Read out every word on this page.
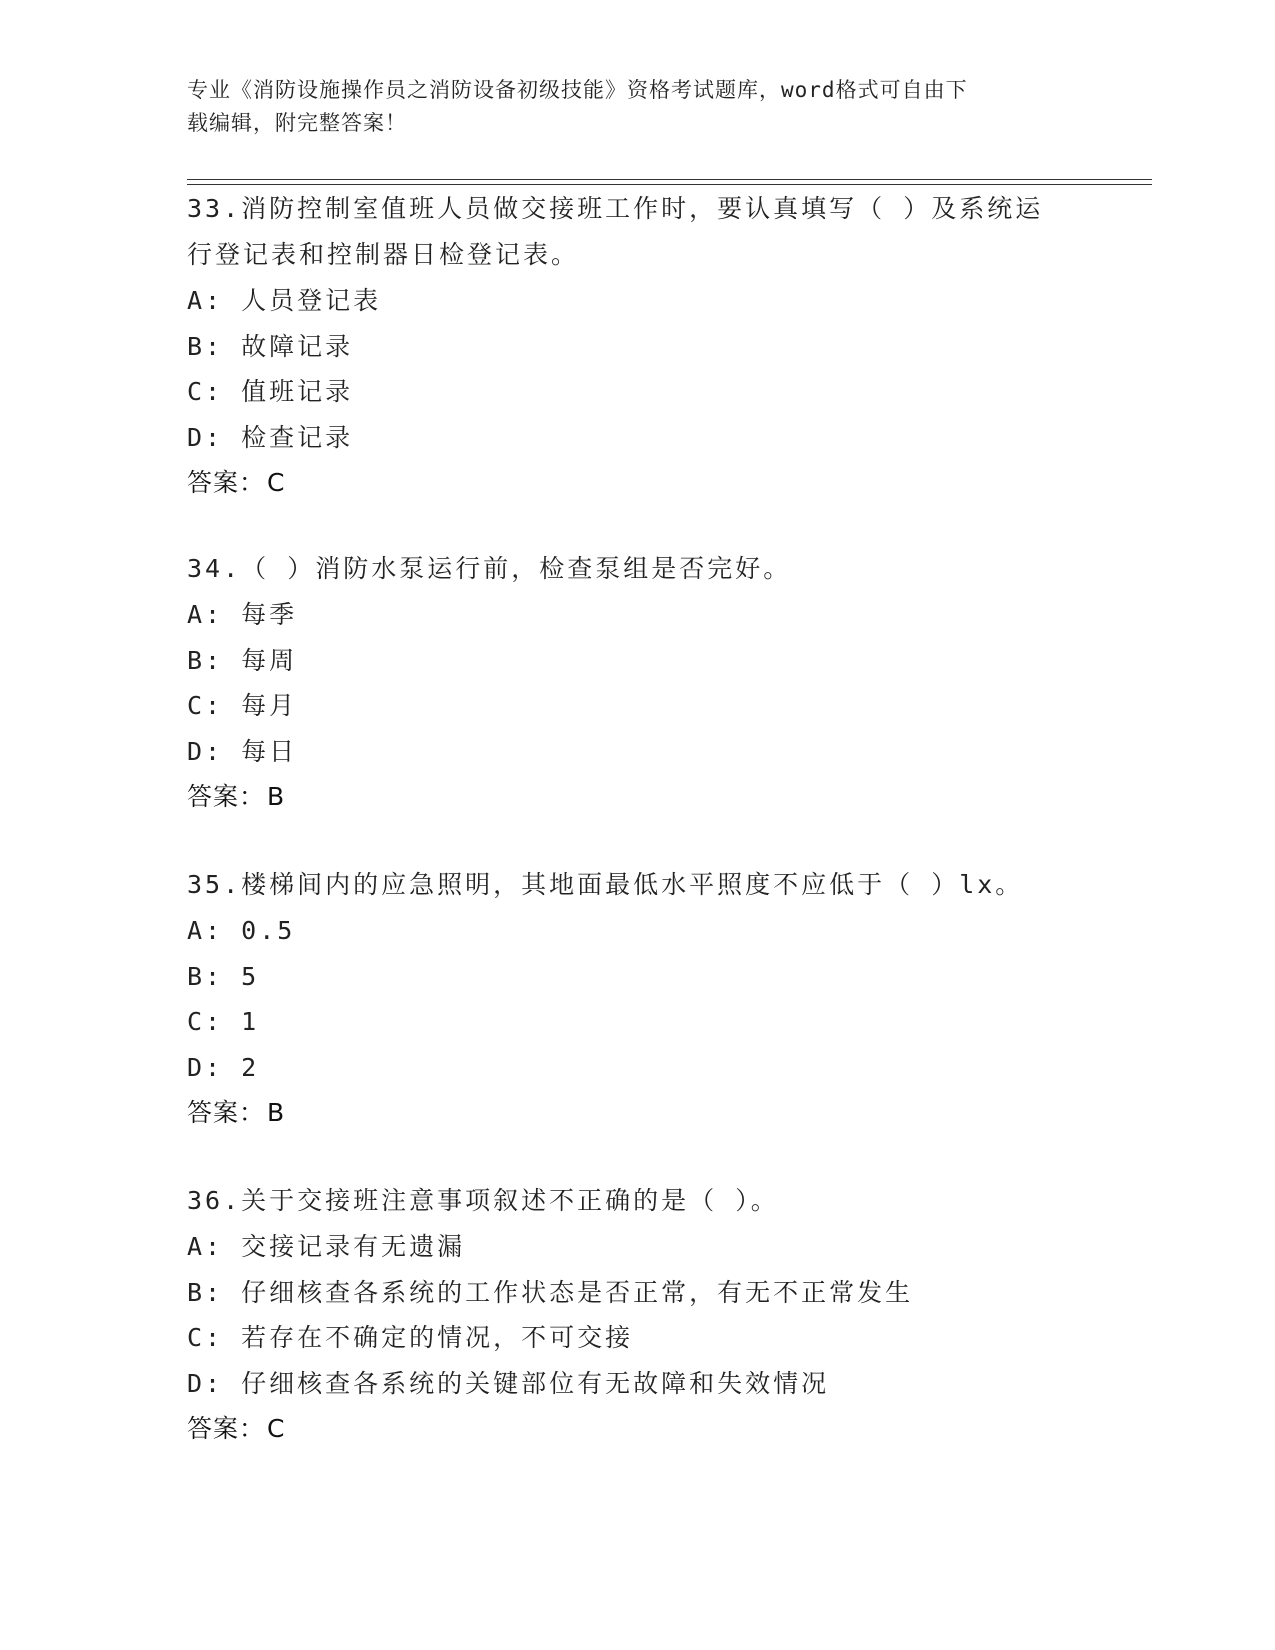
专业《消防设施操作员之消防设备初级技能》资格考试题库，word格式可自由下
载编辑，附完整答案！
33.消防控制室值班人员做交接班工作时，要认真填写（ ）及系统运
行登记表和控制器日检登记表。
A: 人员登记表
B: 故障记录
C: 值班记录
D: 检查记录
答案：C
34.（ ）消防水泵运行前，检查泵组是否完好。
A: 每季
B: 每周
C: 每月
D: 每日
答案：B
35.楼梯间内的应急照明，其地面最低水平照度不应低于（ ）lx。
A: 0.5
B: 5
C: 1
D: 2
答案：B
36.关于交接班注意事项叙述不正确的是（ ）。
A: 交接记录有无遗漏
B: 仔细核查各系统的工作状态是否正常，有无不正常发生
C: 若存在不确定的情况，不可交接
D: 仔细核查各系统的关键部位有无故障和失效情况
答案：C
